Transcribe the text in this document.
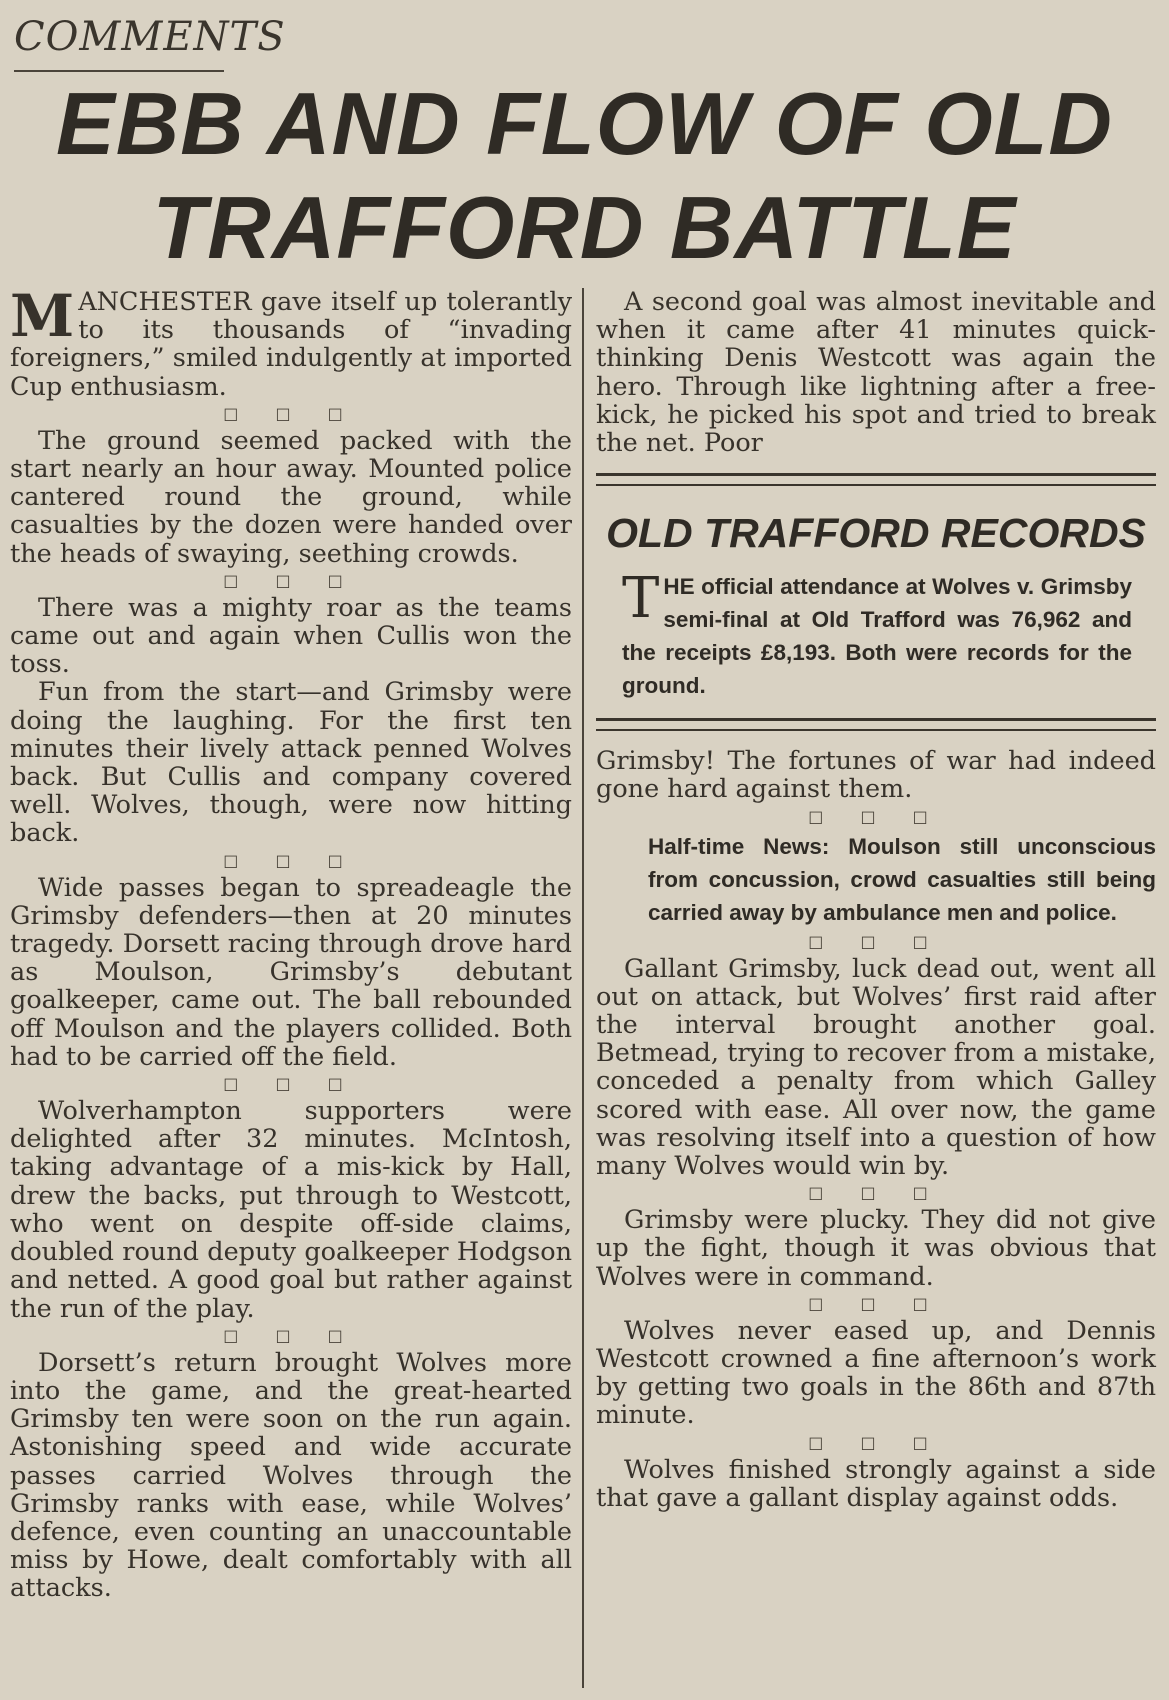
COMMENTS
EBB AND FLOW OF OLD TRAFFORD BATTLE

MANCHESTER gave itself up tolerantly to its thousands of “invading foreigners,” smiled indulgently at imported Cup enthusiasm.

□ □ □

The ground seemed packed with the start nearly an hour away. Mounted police cantered round the ground, while casualties by the dozen were handed over the heads of swaying, seething crowds.

□ □ □

There was a mighty roar as the teams came out and again when Cullis won the toss.

Fun from the start—and Grimsby were doing the laughing. For the first ten minutes their lively attack penned Wolves back. But Cullis and company covered well. Wolves, though, were now hitting back.

□ □ □

Wide passes began to spreadeagle the Grimsby defenders—then at 20 minutes tragedy. Dorsett racing through drove hard as Moulson, Grimsby’s debutant goalkeeper, came out. The ball rebounded off Moulson and the players collided. Both had to be carried off the field.

□ □ □

Wolverhampton supporters were delighted after 32 minutes. McIntosh, taking advantage of a mis-kick by Hall, drew the backs, put through to Westcott, who went on despite off-side claims, doubled round deputy goalkeeper Hodgson and netted. A good goal but rather against the run of the play.

□ □ □

Dorsett’s return brought Wolves more into the game, and the great-hearted Grimsby ten were soon on the run again. Astonishing speed and wide accurate passes carried Wolves through the Grimsby ranks with ease, while Wolves’ defence, even counting an unaccountable miss by Howe, dealt comfortably with all attacks.

A second goal was almost inevitable and when it came after 41 minutes quick-thinking Denis Westcott was again the hero. Through like lightning after a free-kick, he picked his spot and tried to break the net. Poor

OLD TRAFFORD RECORDS
THE official attendance at Wolves v. Grimsby semi-final at Old Trafford was 76,962 and the receipts £8,193. Both were records for the ground.

Grimsby! The fortunes of war had indeed gone hard against them.

□ □ □
Half-time News: Moulson still unconscious from concussion, crowd casualties still being carried away by ambulance men and police.
□ □ □

Gallant Grimsby, luck dead out, went all out on attack, but Wolves’ first raid after the interval brought another goal. Betmead, trying to recover from a mistake, conceded a penalty from which Galley scored with ease. All over now, the game was resolving itself into a question of how many Wolves would win by.

□ □ □

Grimsby were plucky. They did not give up the fight, though it was obvious that Wolves were in command.

□ □ □

Wolves never eased up, and Dennis Westcott crowned a fine afternoon’s work by getting two goals in the 86th and 87th minute.

□ □ □

Wolves finished strongly against a side that gave a gallant display against odds.
